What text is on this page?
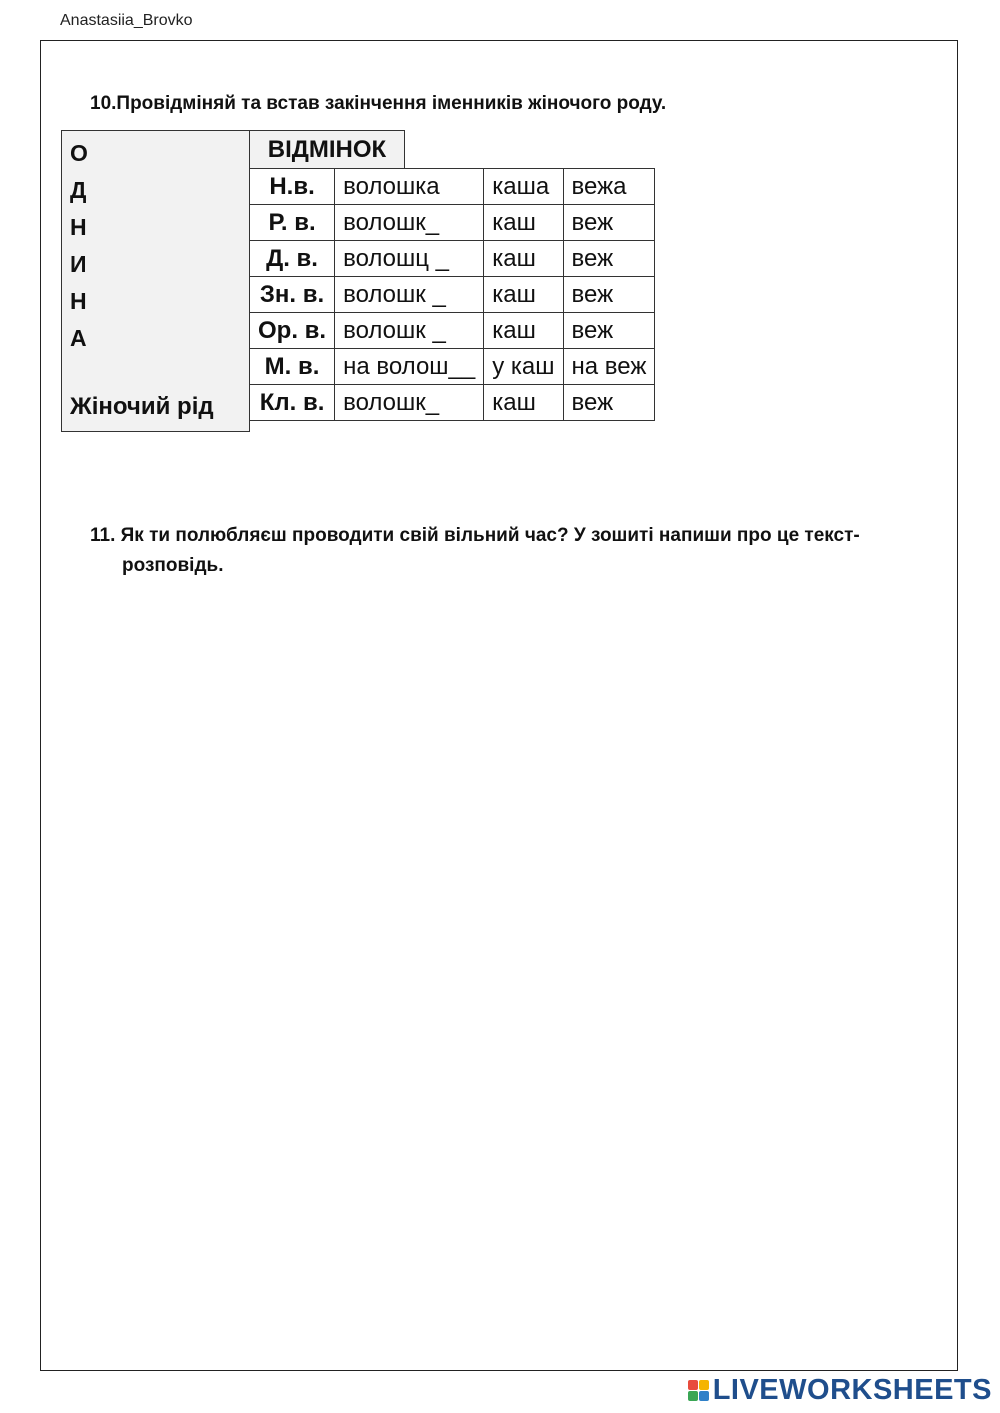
Anastasiia_Brovko
10.Провідміняй та встав закінчення іменників жіночого роду.
О
Д
Н
И
Н
А
Жіночий рід
ВІДМІНОК
Н.в.	волошка	каша	вежа
Р. в.	волошк_	каш	веж
Д. в.	волошц _	каш	веж
Зн. в.	волошк _	каш	веж
Ор. в.	волошк _	каш	веж
М. в.	на волош__	у каш	на веж
Кл. в.	волошк_	каш	веж
11. Як ти полюбляєш проводити свій вільний час? У зошиті напиши про це текст-
розповідь.
LIVEWORKSHEETS
